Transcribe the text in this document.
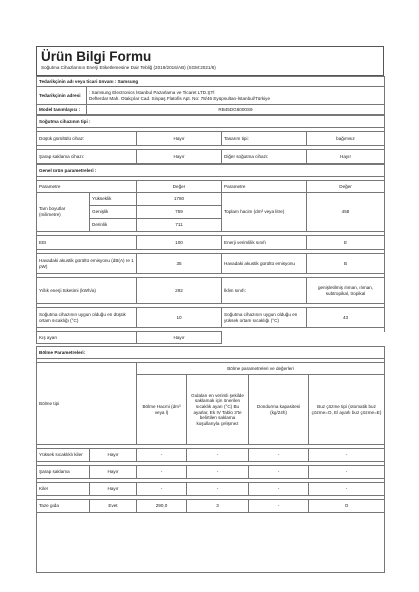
Ürün Bilgi Formu
Soğutma Cihazlarının Enerji Etiketlemesine Dair Tebliğ (2019/2016/AB) (SGM:2021/6)
Tedarikçinin adı veya ticari ünvanı : Samsung	
Tedarikçinin adresi	: Samsung Electronics İstanbul Pazarlama ve Ticaret LTD.ŞTİ
Defterdar Mah. Otakçılar Cad. Sinpaş Flatofis Apt. No: 78/46 Eyüpsultan-İstanbul/Türkiye

Model tanımlayıcı :	RB45DG6000S9
Soğutma cihazının tipi :			

Düşük gürültülü cihaz:	Hayır	Tasarım tipi:	bağımsız

Şarap saklama cihazı:	Hayır	Diğer soğutma cihazı:	Hayır
Genel ürün parametreleri :				

Parametre		Değer	Parametre	Değer
Tam boyutlar (milimetre)	Yükseklik	1780	Toplam hacim (dm³ veya litre)	458
	Genişlik	759		
	Derinlik	711		

EEI		100	Enerji verimlilik sınıfı	E

Havadaki akustik gürültü emisyonu (dB(A) re 1 pW)		35	Havadaki akustik gürültü emisyonu	B

Yıllık enerji tüketimi (kWh/a)		292	İklim sınıfı:	genişletilmiş ılıman, ılıman, subtropikal, tropikal

Soğutma cihazının uygun olduğu en düşük ortam sıcaklığı (°C)		10	Soğutma cihazının uygun olduğu en yüksek ortam sıcaklığı (°C)	43

Kış ayarı		Hayır		
Bölme Parametreleri:					

Bölme tipi		Bölme parametreleri ve değerleri			
		Bölme Hacmi (dm³ veya l)	Gıdaları en verimli şekilde saklamak için önerilen sıcaklık ayarı (°C) Bu ayarlar, Ek IV Tablo 3'te belirtilen saklama koşullarıyla çelişmez	Dondurma kapasitesi (kg/24h)	Buz çözme tipi (otomatik buz çözme=O, El ayarlı buz çözme=E)

Yüksek sıcaklıklı kiler	Hayır	-	-	-	-

Şarap saklama	Hayır	-	-	-	-

Kiler	Hayır	-	-	-	-

Taze gıda	Evet	290,0	3	-	O
